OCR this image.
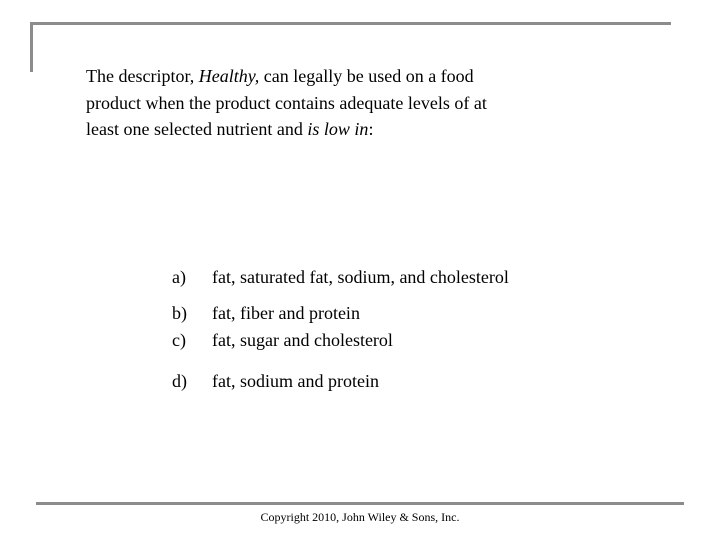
The descriptor, Healthy, can legally be used on a food product when the product contains adequate levels of at least one selected nutrient and is low in:
a) fat, saturated fat, sodium, and cholesterol
b) fat, fiber and protein
c) fat, sugar and cholesterol
d) fat, sodium and protein
Copyright 2010, John Wiley & Sons, Inc.
